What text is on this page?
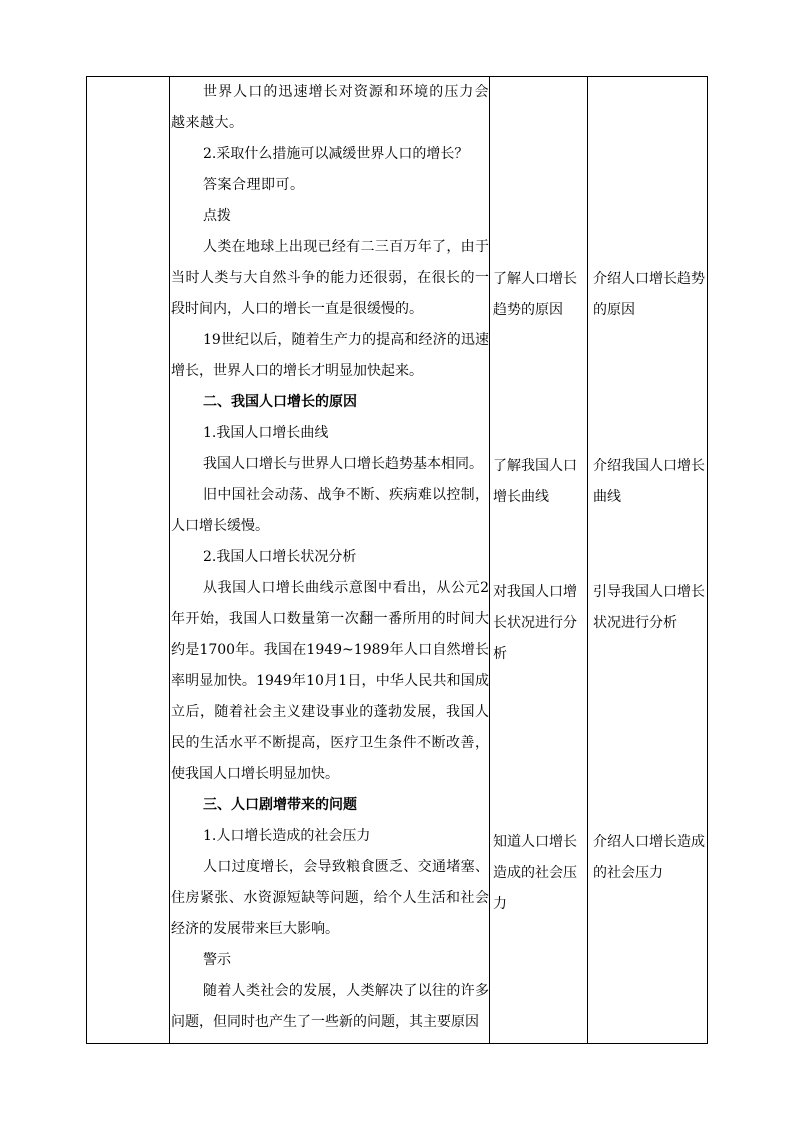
世界人口的迅速增长对资源和环境的压力会越来越大。

2.采取什么措施可以减缓世界人口的增长？

答案合理即可。

点拨

人类在地球上出现已经有二三百万年了，由于当时人类与大自然斗争的能力还很弱，在很长的一段时间内，人口的增长一直是很缓慢的。

19世纪以后，随着生产力的提高和经济的迅速增长，世界人口的增长才明显加快起来。

二、我国人口增长的原因

1.我国人口增长曲线

我国人口增长与世界人口增长趋势基本相同。

旧中国社会动荡、战争不断、疾病难以控制，人口增长缓慢。

2.我国人口增长状况分析

从我国人口增长曲线示意图中看出，从公元2年开始，我国人口数量第一次翻一番所用的时间大约是1700年。我国在1949~1989年人口自然增长率明显加快。1949年10月1日，中华人民共和国成立后，随着社会主义建设事业的蓬勃发展，我国人民的生活水平不断提高，医疗卫生条件不断改善，使我国人口增长明显加快。

三、人口剧增带来的问题

1.人口增长造成的社会压力

人口过度增长，会导致粮食匮乏、交通堵塞、住房紧张、水资源短缺等问题，给个人生活和社会经济的发展带来巨大影响。

警示

随着人类社会的发展，人类解决了以往的许多问题，但同时也产生了一些新的问题，其主要原因

了解人口增长趋势的原因

了解我国人口增长曲线

对我国人口增长状况进行分析

知道人口增长造成的社会压力

介绍人口增长趋势的原因

介绍我国人口增长曲线

引导我国人口增长状况进行分析

介绍人口增长造成的社会压力
